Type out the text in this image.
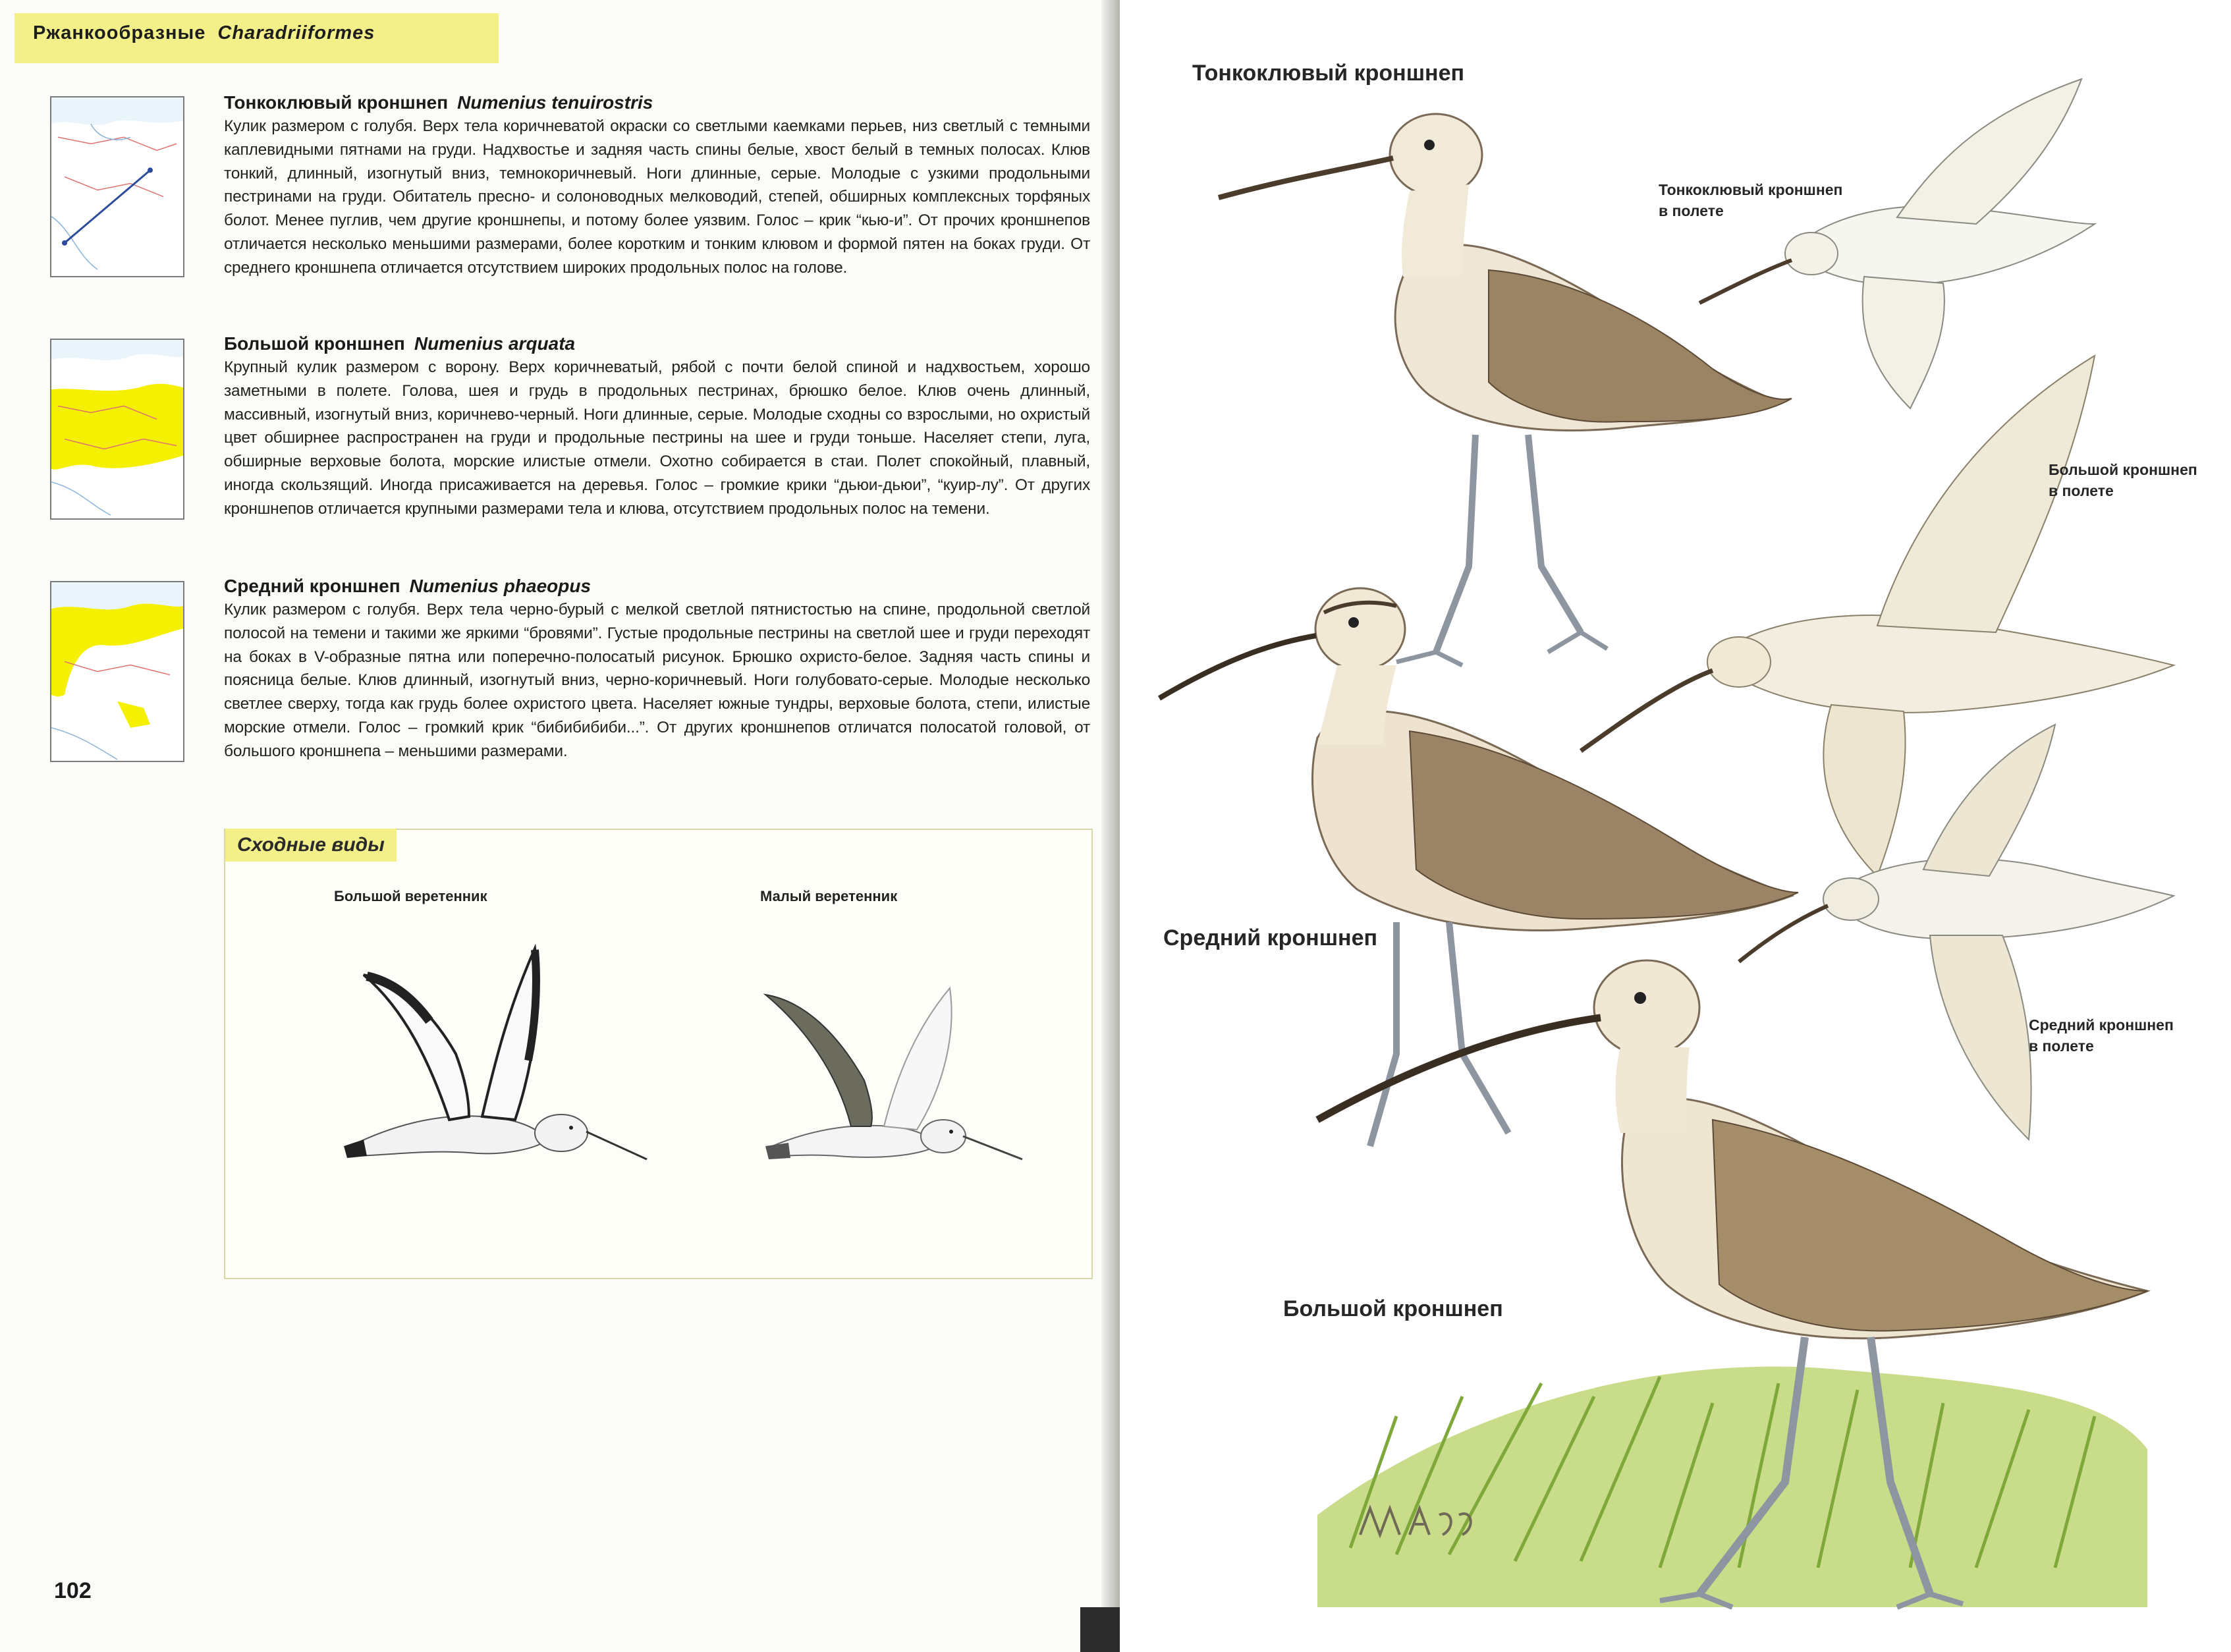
Ржанкообразные Charadriiformes
Тонкоклювый кроншнеп Numenius tenuirostris
Кулик размером с голубя. Верх тела коричневатой окраски со светлыми каемками перьев, низ светлый с темными каплевидными пятнами на груди. Надхвостье и задняя часть спины белые, хвост белый в темных полосах. Клюв тонкий, длинный, изогнутый вниз, темнокоричневый. Ноги длинные, серые. Молодые с узкими продольными пестринами на груди. Обитатель пресно- и солоноводных мелководий, степей, обширных комплексных торфяных болот. Менее пуглив, чем другие кроншнепы, и потому более уязвим. Голос – крик “кью-и”. От прочих кроншнепов отличается несколько меньшими размерами, более коротким и тонким клювом и формой пятен на боках груди. От среднего кроншнепа отличается отсутствием широких продольных полос на голове.
Большой кроншнеп Numenius arquata
Крупный кулик размером с ворону. Верх коричневатый, рябой с почти белой спиной и надхвостьем, хорошо заметными в полете. Голова, шея и грудь в продольных пестринах, брюшко белое. Клюв очень длинный, массивный, изогнутый вниз, коричнево-черный. Ноги длинные, серые. Молодые сходны со взрослыми, но охристый цвет обширнее распространен на груди и продольные пестрины на шее и груди тоньше. Населяет степи, луга, обширные верховые болота, морские илистые отмели. Охотно собирается в стаи. Полет спокойный, плавный, иногда скользящий. Иногда присаживается на деревья. Голос – громкие крики “дьюи-дьюи”, “куир-лу”. От других кроншнепов отличается крупными размерами тела и клюва, отсутствием продольных полос на темени.
Средний кроншнеп Numenius phaeopus
Кулик размером с голубя. Верх тела черно-бурый с мелкой светлой пятнистостью на спине, продольной светлой полосой на темени и такими же яркими “бровями”. Густые продольные пестрины на светлой шее и груди переходят на боках в V-образные пятна или поперечно-полосатый рисунок. Брюшко охристо-белое. Задняя часть спины и поясница белые. Клюв длинный, изогнутый вниз, черно-коричневый. Ноги голубовато-серые. Молодые несколько светлее сверху, тогда как грудь более охристого цвета. Населяет южные тундры, верховые болота, степи, илистые морские отмели. Голос – громкий крик “бибибибиби...”. От других кроншнепов отличатся полосатой головой, от большого кроншнепа – меньшими размерами.
Сходные виды
Большой веретенник	Малый веретенник
102
Тонкоклювый кроншнеп
Тонкоклювый кроншнеп
в полете
Большой кроншнеп
в полете
Средний кроншнеп
Средний кроншнеп
в полете
Большой кроншнеп
